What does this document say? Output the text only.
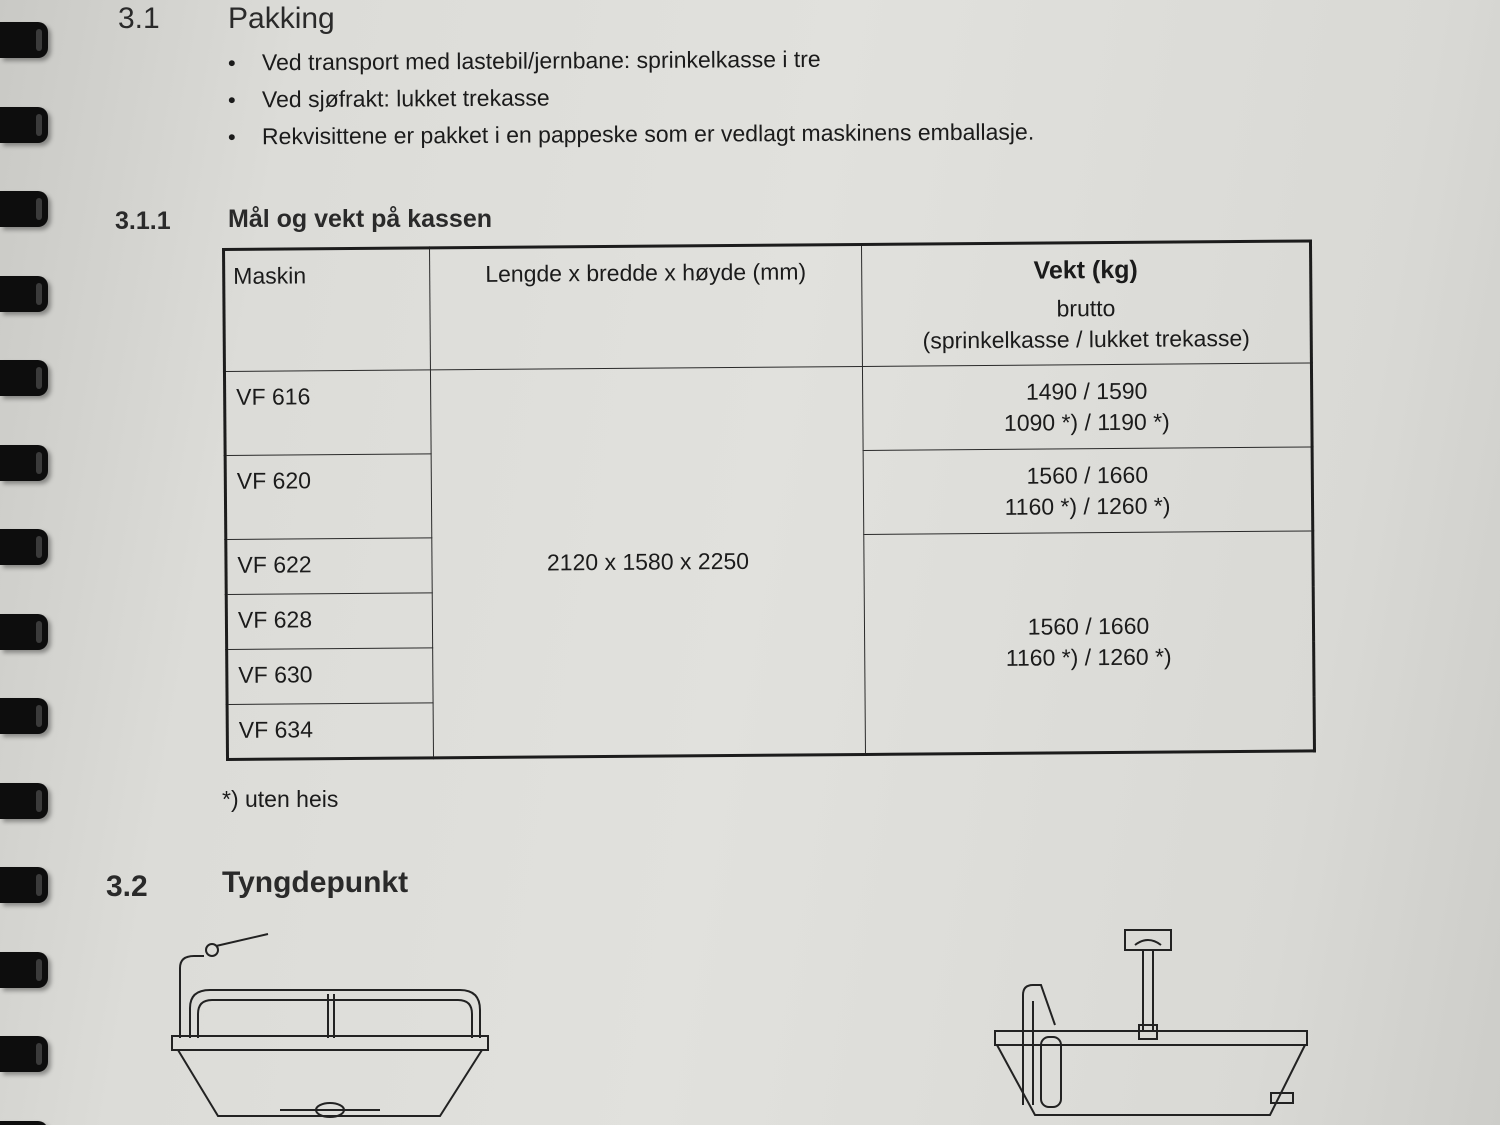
3.1 Pakking
• Ved transport med lastebil/jernbane: sprinkelkasse i tre
• Ved sjøfrakt: lukket trekasse
• Rekvisittene er pakket i en pappeske som er vedlagt maskinens emballasje.
3.1.1 Mål og vekt på kassen
Maskin	Lengde x bredde x høyde (mm)	Vekt (kg)
brutto
(sprinkelkasse / lukket trekasse)

VF 616	2120 x 1580 x 2250	1490 / 1590
1090 *) / 1190 *)

VF 620		1560 / 1660
1160 *) / 1260 *)

VF 622		1560 / 1660
1160 *) / 1260 *)

VF 628		
VF 630		
VF 634		
*) uten heis
3.2 Tyngdepunkt
